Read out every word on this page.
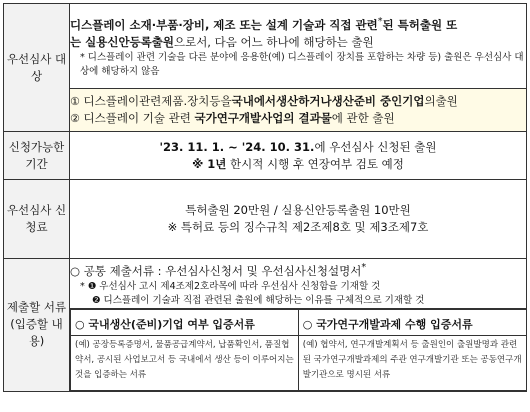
우선심사 대상	
디스플레이 소재·부품·장비, 제조 또는 설계 기술과 직접 관련*된 특허출원 또
는 실용신안등록출원으로서, 다음 어느 하나에 해당하는 출원
* 디스플레이 관련 기술을 다른 분야에 응용한(예) 디스플레이 장치를 포함하는 차량 등) 출원은 우선심사 대상에 해당하지 않음

① 디스플레이관련제품.장치등을국내에서생산하거나생산준비 중인기업의출원
② 디스플레이 기술 관련 국가연구개발사업의 결과물에 관한 출원

신청가능한 기간	
'23. 11. 1. ~ '24. 10. 31.에 우선심사 신청된 출원
※ 1년 한시적 시행 후 연장여부 검토 예정

우선심사 신청료	
특허출원 20만원 / 실용신안등록출원 10만원
※ 특허료 등의 징수규칙 제2조제8호 및 제3조제7호

제출할 서류 (입증할 내용)	
○ 공통 제출서류 : 우선심사신청서 및 우선심사신청설명서*
* ❶ 우선심사 고시 제4조제2호라목에 따라 우선심사 신청함을 기재할 것
❷ 디스플레이 기술과 직접 관련된 출원에 해당하는 이유를 구체적으로 기재할 것

○ 국내생산(준비)기업 여부 입증서류
(예) 공장등록증명서, 물품공급계약서, 납품확인서, 품질협약서, 공시된 사업보고서 등 국내에서 생산 등이 이루어지는 것을 입증하는 서류

○ 국가연구개발과제 수행 입증서류
(예) 협약서, 연구개발계획서 등 출원인이 출원발명과 관련된 국가연구개발과제의 주관 연구개발기관 또는 공동연구개발기관으로 명시된 서류
